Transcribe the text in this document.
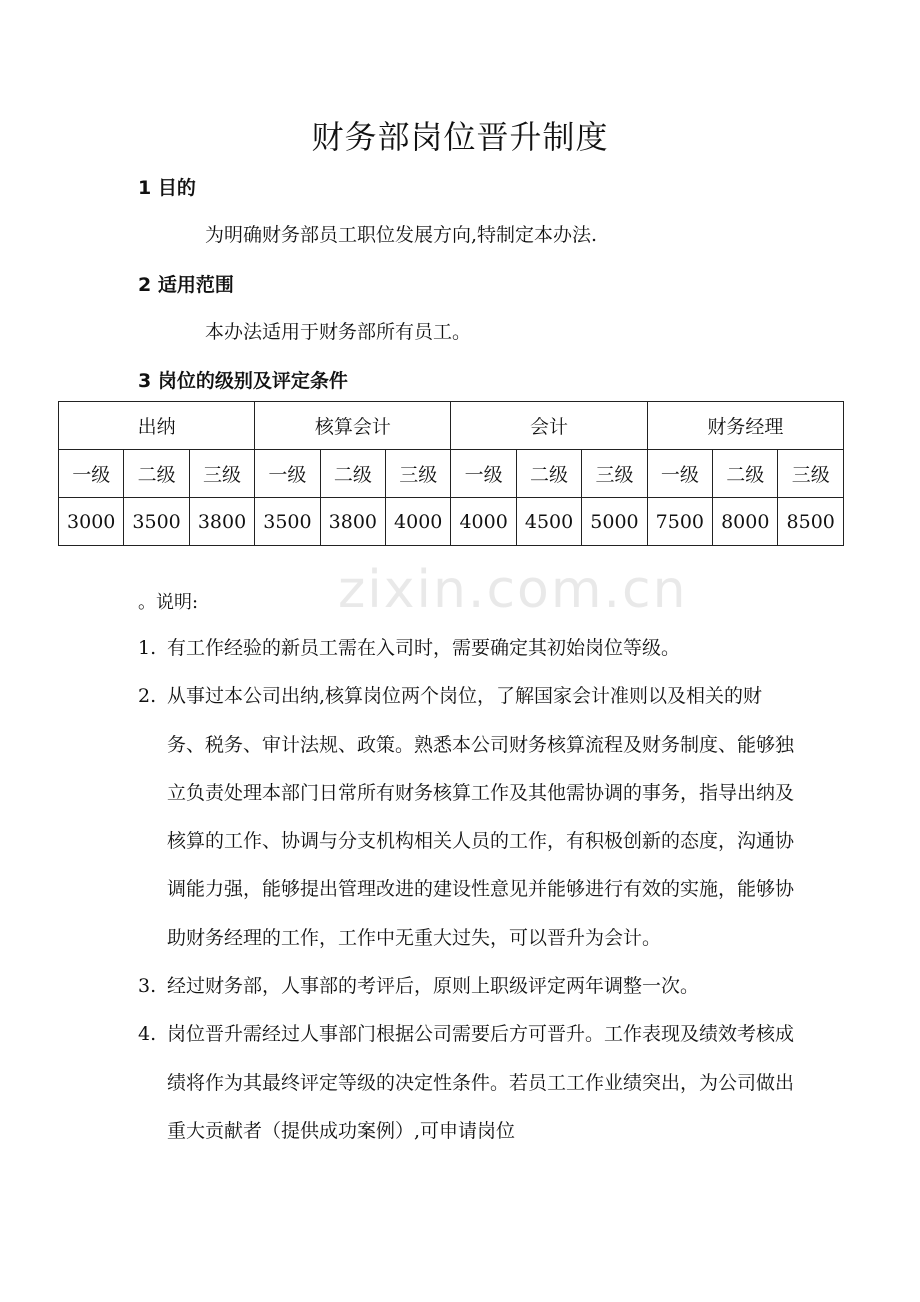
zixin.com.cn
财务部岗位晋升制度
1 目的
为明确财务部员工职位发展方向,特制定本办法.
2 适用范围
本办法适用于财务部所有员工。
3 岗位的级别及评定条件
出纳			核算会计			会计			财务经理		
一级	二级	三级	一级	二级	三级	一级	二级	三级	一级	二级	三级
3000	3500	3800	3500	3800	4000	4000	4500	5000	7500	8000	8500
。说明:
1. 有工作经验的新员工需在入司时，需要确定其初始岗位等级。
2. 从事过本公司出纳,核算岗位两个岗位，了解国家会计准则以及相关的财务、税务、审计法规、政策。熟悉本公司财务核算流程及财务制度、能够独立负责处理本部门日常所有财务核算工作及其他需协调的事务，指导出纳及核算的工作、协调与分支机构相关人员的工作，有积极创新的态度，沟通协调能力强，能够提出管理改进的建设性意见并能够进行有效的实施，能够协助财务经理的工作，工作中无重大过失，可以晋升为会计。
3. 经过财务部，人事部的考评后，原则上职级评定两年调整一次。
4. 岗位晋升需经过人事部门根据公司需要后方可晋升。工作表现及绩效考核成绩将作为其最终评定等级的决定性条件。若员工工作业绩突出，为公司做出重大贡献者（提供成功案例）,可申请岗位
